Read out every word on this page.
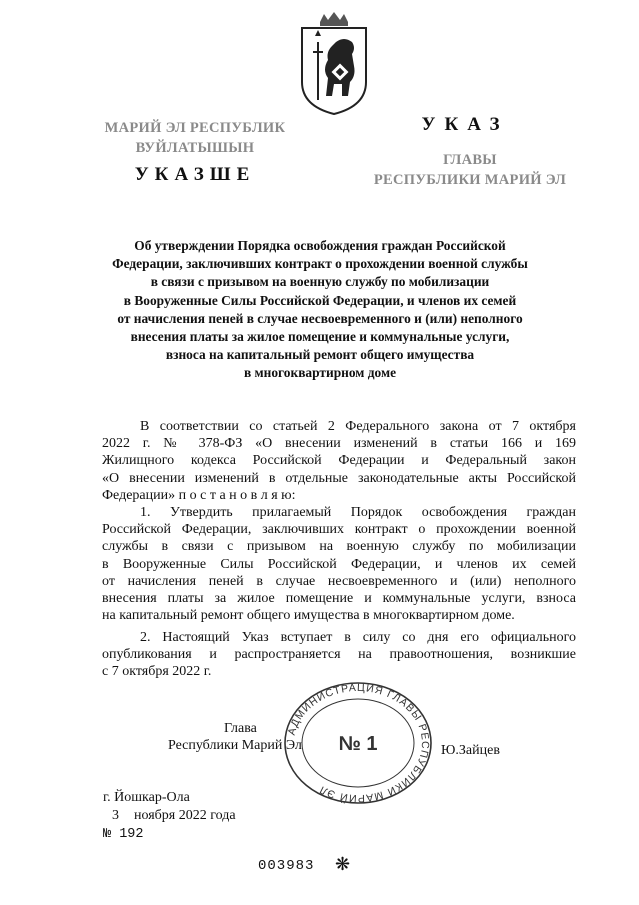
МАРИЙ ЭЛ РЕСПУБЛИК
ВУЙЛАТЫШЫН
УКАЗШЕ
УКАЗ
ГЛАВЫ
РЕСПУБЛИКИ МАРИЙ ЭЛ
Об утверждении Порядка освобождения граждан Российской
Федерации, заключивших контракт о прохождении военной службы
в связи с призывом на военную службу по мобилизации
в Вооруженные Силы Российской Федерации, и членов их семей
от начисления пеней в случае несвоевременного и (или) неполного
внесения платы за жилое помещение и коммунальные услуги,
взноса на капитальный ремонт общего имущества
в многоквартирном доме
В соответствии со статьей 2 Федерального закона от 7 октября
2022 г. № 378-ФЗ «О внесении изменений в статьи 166 и 169
Жилищного кодекса Российской Федерации и Федеральный закон
«О внесении изменений в отдельные законодательные акты Российской
Федерации» п о с т а н о в л я ю:
1. Утвердить прилагаемый Порядок освобождения граждан
Российской Федерации, заключивших контракт о прохождении военной
службы в связи с призывом на военную службу по мобилизации
в Вооруженные Силы Российской Федерации, и членов их семей
от начисления пеней в случае несвоевременного и (или) неполного
внесения платы за жилое помещение и коммунальные услуги, взноса
на капитальный ремонт общего имущества в многоквартирном доме.
2. Настоящий Указ вступает в силу со дня его официального
опубликования и распространяется на правоотношения, возникшие
с 7 октября 2022 г.
АДМИНИСТРАЦИЯ ГЛАВЫ РЕСПУБЛИКИ МАРИЙ ЭЛ
№ 1
Глава
Республики Марий Эл	Ю.Зайцев
г. Йошкар-Ола
3 ноября 2022 года
№ 192
003983 ❋
